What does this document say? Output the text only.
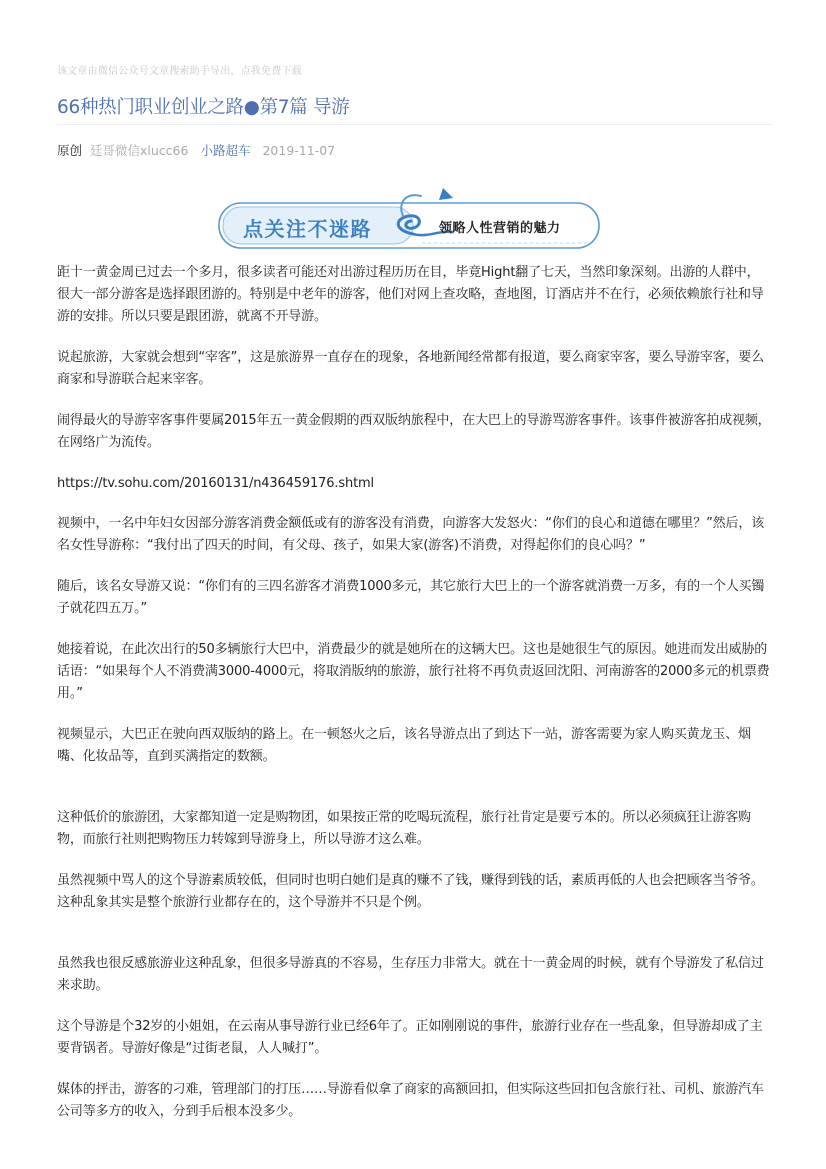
该文章由微信公众号文章搜索助手导出，点我免费下载
66种热门职业创业之路●第7篇 导游
原创 廷哥微信xlucc66 小路超车 2019-11-07
点关注不迷路	领略人性营销的魅力

距十一黄金周已过去一个多月，很多读者可能还对出游过程历历在目，毕竟Hight翻了七天，当然印象深刻。出游的人群中，很大一部分游客是选择跟团游的。特别是中老年的游客，他们对网上查攻略，查地图，订酒店并不在行，必须依赖旅行社和导游的安排。所以只要是跟团游，就离不开导游。

说起旅游，大家就会想到“宰客”，这是旅游界一直存在的现象，各地新闻经常都有报道，要么商家宰客，要么导游宰客，要么商家和导游联合起来宰客。

闹得最火的导游宰客事件要属2015年五一黄金假期的西双版纳旅程中，在大巴上的导游骂游客事件。该事件被游客拍成视频，在网络广为流传。

https://tv.sohu.com/20160131/n436459176.shtml

视频中，一名中年妇女因部分游客消费金额低或有的游客没有消费，向游客大发怒火：“你们的良心和道德在哪里？”然后，该名女性导游称：“我付出了四天的时间，有父母、孩子，如果大家(游客)不消费，对得起你们的良心吗？”

随后，该名女导游又说：“你们有的三四名游客才消费1000多元，其它旅行大巴上的一个游客就消费一万多，有的一个人买镯子就花四五万。”

她接着说，在此次出行的50多辆旅行大巴中，消费最少的就是她所在的这辆大巴。这也是她很生气的原因。她进而发出威胁的话语：“如果每个人不消费满3000-4000元，将取消版纳的旅游，旅行社将不再负责返回沈阳、河南游客的2000多元的机票费用。”

视频显示，大巴正在驶向西双版纳的路上。在一顿怒火之后，该名导游点出了到达下一站，游客需要为家人购买黄龙玉、烟嘴、化妆品等，直到买满指定的数额。

这种低价的旅游团，大家都知道一定是购物团，如果按正常的吃喝玩流程，旅行社肯定是要亏本的。所以必须疯狂让游客购物，而旅行社则把购物压力转嫁到导游身上，所以导游才这么难。

虽然视频中骂人的这个导游素质较低，但同时也明白她们是真的赚不了钱，赚得到钱的话，素质再低的人也会把顾客当爷爷。这种乱象其实是整个旅游行业都存在的，这个导游并不只是个例。

虽然我也很反感旅游业这种乱象，但很多导游真的不容易，生存压力非常大。就在十一黄金周的时候，就有个导游发了私信过来求助。

这个导游是个32岁的小姐姐，在云南从事导游行业已经6年了。正如刚刚说的事件，旅游行业存在一些乱象，但导游却成了主要背锅者。导游好像是“过街老鼠，人人喊打”。

媒体的抨击，游客的刁难，管理部门的打压……导游看似拿了商家的高额回扣，但实际这些回扣包含旅行社、司机、旅游汽车公司等多方的收入，分到手后根本没多少。
